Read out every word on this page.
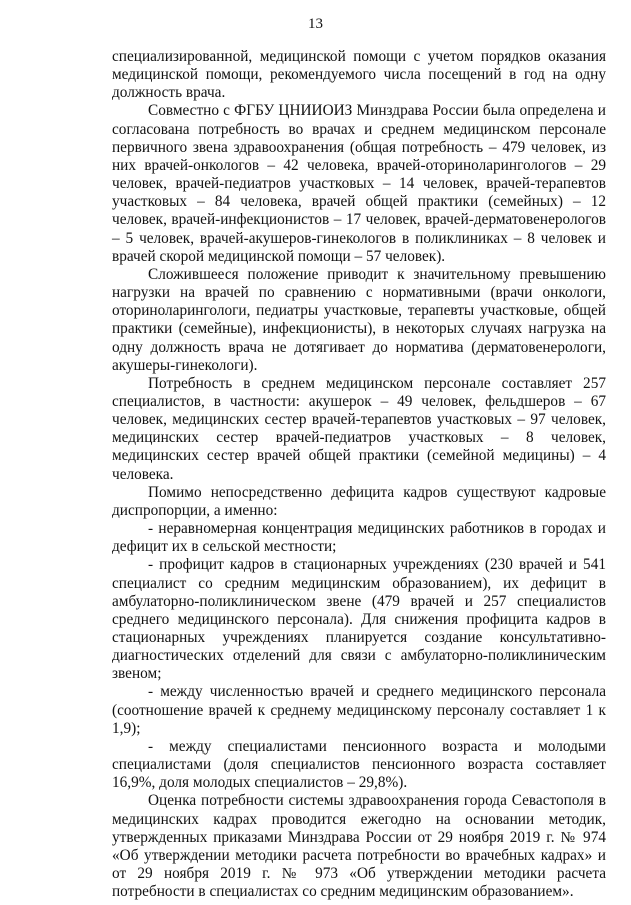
13

специализированной, медицинской помощи с учетом порядков оказания медицинской помощи, рекомендуемого числа посещений в год на одну должность врача.

Совместно с ФГБУ ЦНИИОИЗ Минздрава России была определена и согласована потребность во врачах и среднем медицинском персонале первичного звена здравоохранения (общая потребность – 479 человек, из них врачей-онкологов – 42 человека, врачей-оториноларингологов – 29 человек, врачей-педиатров участковых – 14 человек, врачей-терапевтов участковых – 84 человека, врачей общей практики (семейных) – 12 человек, врачей-инфекционистов – 17 человек, врачей-дерматовенерологов – 5 человек, врачей-акушеров-гинекологов в поликлиниках – 8 человек и врачей скорой медицинской помощи – 57 человек).

Сложившееся положение приводит к значительному превышению нагрузки на врачей по сравнению с нормативными (врачи онкологи, оториноларингологи, педиатры участковые, терапевты участковые, общей практики (семейные), инфекционисты), в некоторых случаях нагрузка на одну должность врача не дотягивает до норматива (дерматовенерологи, акушеры-гинекологи).

Потребность в среднем медицинском персонале составляет 257 специалистов, в частности: акушерок – 49 человек, фельдшеров – 67 человек, медицинских сестер врачей-терапевтов участковых – 97 человек, медицинских сестер врачей-педиатров участковых – 8 человек, медицинских сестер врачей общей практики (семейной медицины) – 4 человека.

Помимо непосредственно дефицита кадров существуют кадровые диспропорции, а именно:

- неравномерная концентрация медицинских работников в городах и дефицит их в сельской местности;

- профицит кадров в стационарных учреждениях (230 врачей и 541 специалист со средним медицинским образованием), их дефицит в амбулаторно-поликлиническом звене (479 врачей и 257 специалистов среднего медицинского персонала). Для снижения профицита кадров в стационарных учреждениях планируется создание консультативно-диагностических отделений для связи с амбулаторно-поликлиническим звеном;

- между численностью врачей и среднего медицинского персонала (соотношение врачей к среднему медицинскому персоналу составляет 1 к 1,9);

- между специалистами пенсионного возраста и молодыми специалистами (доля специалистов пенсионного возраста составляет 16,9%, доля молодых специалистов – 29,8%).

Оценка потребности системы здравоохранения города Севастополя в медицинских кадрах проводится ежегодно на основании методик, утвержденных приказами Минздрава России от 29 ноября 2019 г. № 974 «Об утверждении методики расчета потребности во врачебных кадрах» и от 29 ноября 2019 г. № 973 «Об утверждении методики расчета потребности в специалистах со средним медицинским образованием».
